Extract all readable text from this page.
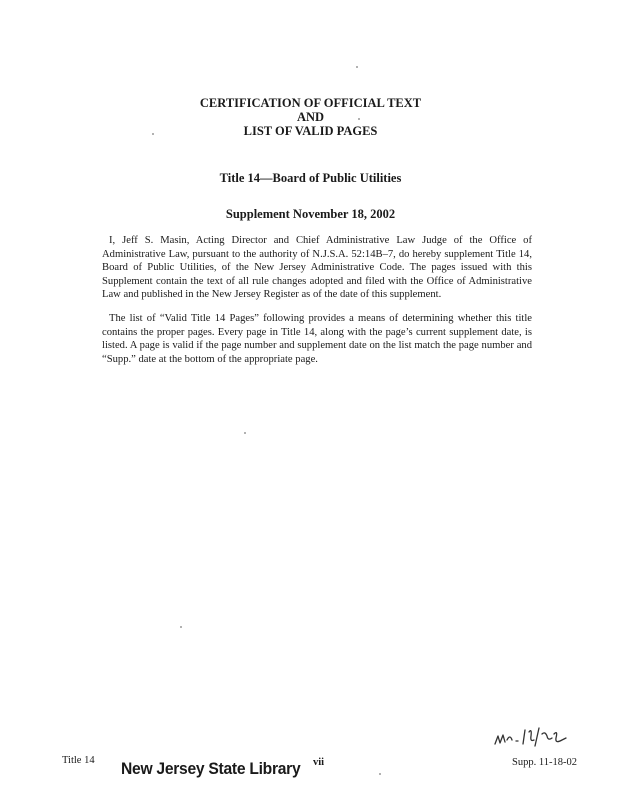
CERTIFICATION OF OFFICIAL TEXT
AND
LIST OF VALID PAGES
Title 14—Board of Public Utilities
Supplement November 18, 2002

I, Jeff S. Masin, Acting Director and Chief Administrative Law Judge of the Office of Administrative Law, pursuant to the authority of N.J.S.A. 52:14B–7, do hereby supplement Title 14, Board of Public Utilities, of the New Jersey Administrative Code. The pages issued with this Supplement contain the text of all rule changes adopted and filed with the Office of Administrative Law and published in the New Jersey Register as of the date of this supplement.

The list of “Valid Title 14 Pages” following provides a means of determining whether this title contains the proper pages. Every page in Title 14, along with the page’s current supplement date, is listed. A page is valid if the page number and supplement date on the list match the page number and “Supp.” date at the bottom of the appropriate page.

Title 14 New Jersey State Library vii	Supp. 11-18-02
